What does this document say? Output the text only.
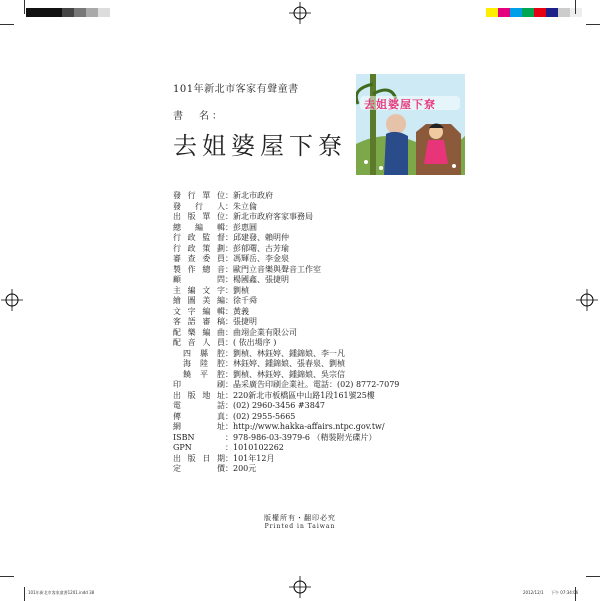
101年新北市客家有聲童書
書　名：
去姐婆屋下尞
去姐婆屋下尞
發行單位 ： 新北市政府
發行人 ： 朱立倫
出版單位 ： 新北市政府客家事務局
總編輯 ： 彭惠圓
行政監督 ： 邱建發、賴明仲
行政策劃 ： 彭郁曙、古芳瑜
審查委員 ： 馮輝岳、李金泉
製作總音 ： 歐門立音樂與聲音工作室
顧問 ： 楊國鑫、張捷明
主編文字 ： 劉楨
繪圖美編 ： 徐千舜
文字編輯 ： 黃義
客語審稿 ： 張捷明
配樂編曲 ： 曲翊企業有限公司
配音人員 ： ( 依出場序 )
四縣腔 ： 劉楨、林鈺婷、鍾錦娘、李一凡
海陸腔 ： 林鈺婷、鍾錦娘、張春泉、劉楨
饒平腔 ： 劉楨、林鈺婷、鍾錦娘、吳宗信
印刷 ： 晶采廣告印刷企業社。電話：(02) 8772-7079
出版地址 ： 220新北市板橋區中山路1段161號25樓
電話 ： (02) 2960-3456 #3847
傳真 ： (02) 2955-5665
網址 ： http://www.hakka-affairs.ntpc.gov.tw/
ISBN	： 978-986-03-3979-6 （精裝附光碟片）
GPN	： 1010102262
出版日期 ： 101年12月
定價 ： 200元
版權所有・翻印必究
Printed in Taiwan
101年新北市客家童書1201.indd 38	2012/12/1 下午 07:34:06
